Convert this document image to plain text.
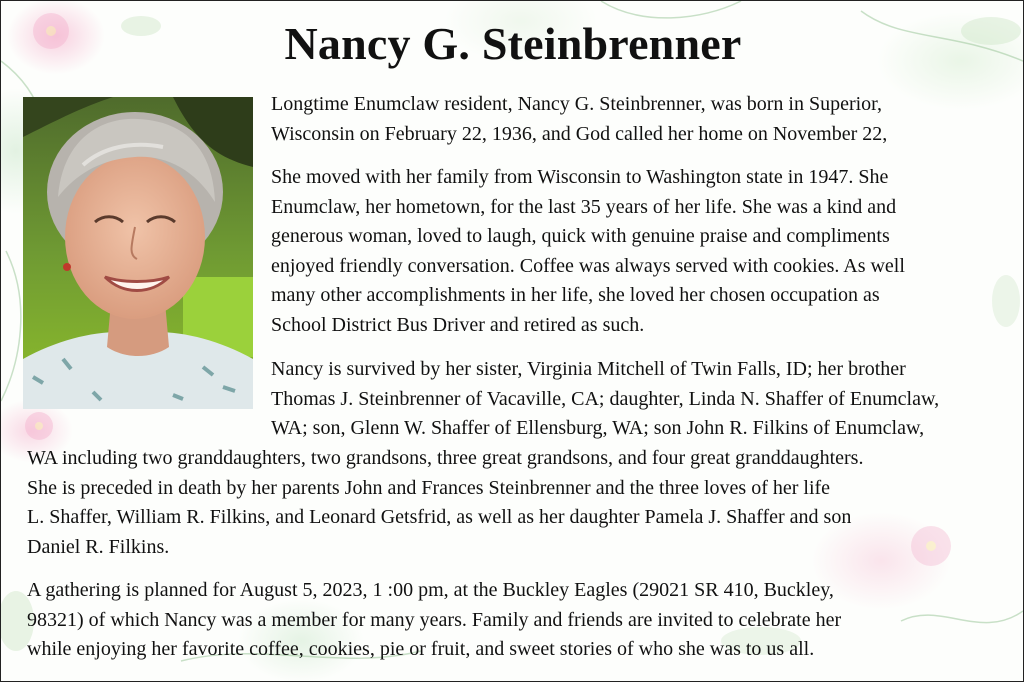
Nancy G. Steinbrenner

Longtime Enumclaw resident, Nancy G. Steinbrenner, was born in Superior,
Wisconsin on February 22, 1936, and God called her home on November 22,

She moved with her family from Wisconsin to Washington state in 1947. She
Enumclaw, her hometown, for the last 35 years of her life. She was a kind and
generous woman, loved to laugh, quick with genuine praise and compliments
enjoyed friendly conversation. Coffee was always served with cookies. As well
many other accomplishments in her life, she loved her chosen occupation as
School District Bus Driver and retired as such.

Nancy is survived by her sister, Virginia Mitchell of Twin Falls, ID; her brother
Thomas J. Steinbrenner of Vacaville, CA; daughter, Linda N. Shaffer of Enumclaw,
WA; son, Glenn W. Shaffer of Ellensburg, WA; son John R. Filkins of Enumclaw,

WA including two granddaughters, two grandsons, three great grandsons, and four great granddaughters.
She is preceded in death by her parents John and Frances Steinbrenner and the three loves of her life
L. Shaffer, William R. Filkins, and Leonard Getsfrid, as well as her daughter Pamela J. Shaffer and son
Daniel R. Filkins.

A gathering is planned for August 5, 2023, 1 :00 pm, at the Buckley Eagles (29021 SR 410, Buckley,
98321) of which Nancy was a member for many years. Family and friends are invited to celebrate her
while enjoying her favorite coffee, cookies, pie or fruit, and sweet stories of who she was to us all.
